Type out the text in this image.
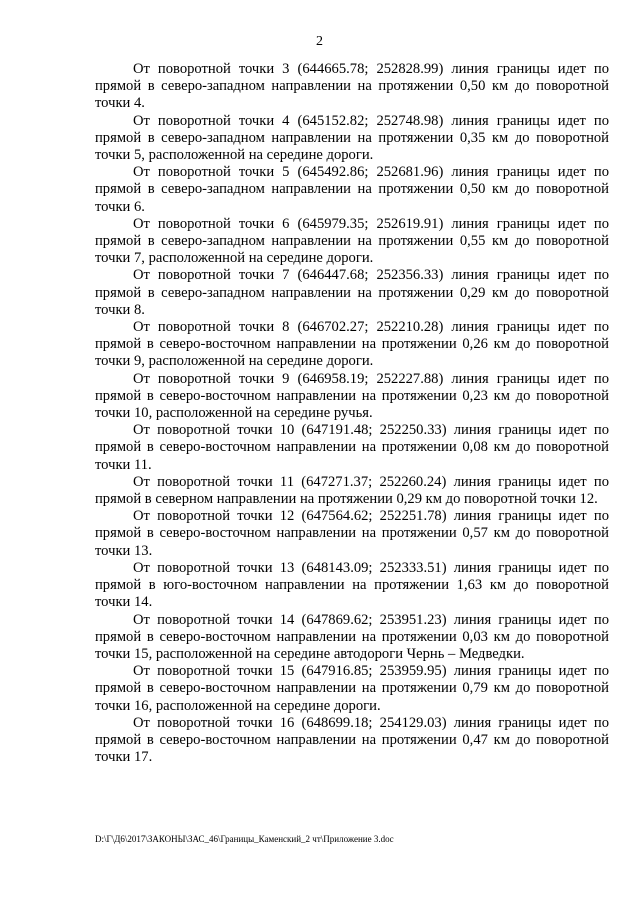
2

От поворотной точки 3 (644665.78; 252828.99) линия границы идет по прямой в северо-западном направлении на протяжении 0,50 км до поворотной точки 4.

От поворотной точки 4 (645152.82; 252748.98) линия границы идет по прямой в северо-западном направлении на протяжении 0,35 км до поворотной точки 5, расположенной на середине дороги.

От поворотной точки 5 (645492.86; 252681.96) линия границы идет по прямой в северо-западном направлении на протяжении 0,50 км до поворотной точки 6.

От поворотной точки 6 (645979.35; 252619.91) линия границы идет по прямой в северо-западном направлении на протяжении 0,55 км до поворотной точки 7, расположенной на середине дороги.

От поворотной точки 7 (646447.68; 252356.33) линия границы идет по прямой в северо-западном направлении на протяжении 0,29 км до поворотной точки 8.

От поворотной точки 8 (646702.27; 252210.28) линия границы идет по прямой в северо-восточном направлении на протяжении 0,26 км до поворотной точки 9, расположенной на середине дороги.

От поворотной точки 9 (646958.19; 252227.88) линия границы идет по прямой в северо-восточном направлении на протяжении 0,23 км до поворотной точки 10, расположенной на середине ручья.

От поворотной точки 10 (647191.48; 252250.33) линия границы идет по прямой в северо-восточном направлении на протяжении 0,08 км до поворотной точки 11.

От поворотной точки 11 (647271.37; 252260.24) линия границы идет по прямой в северном направлении на протяжении 0,29 км до поворотной точки 12.

От поворотной точки 12 (647564.62; 252251.78) линия границы идет по прямой в северо-восточном направлении на протяжении 0,57 км до поворотной точки 13.

От поворотной точки 13 (648143.09; 252333.51) линия границы идет по прямой в юго-восточном направлении на протяжении 1,63 км до поворотной точки 14.

От поворотной точки 14 (647869.62; 253951.23) линия границы идет по прямой в северо-восточном направлении на протяжении 0,03 км до поворотной точки 15, расположенной на середине автодороги Чернь – Медведки.

От поворотной точки 15 (647916.85; 253959.95) линия границы идет по прямой в северо-восточном направлении на протяжении 0,79 км до поворотной точки 16, расположенной на середине дороги.

От поворотной точки 16 (648699.18; 254129.03) линия границы идет по прямой в северо-восточном направлении на протяжении 0,47 км до поворотной точки 17.

D:\Г\Д6\2017\ЗАКОНЫ\ЗАС_46\Границы_Каменский_2 чт\Приложение 3.doc
